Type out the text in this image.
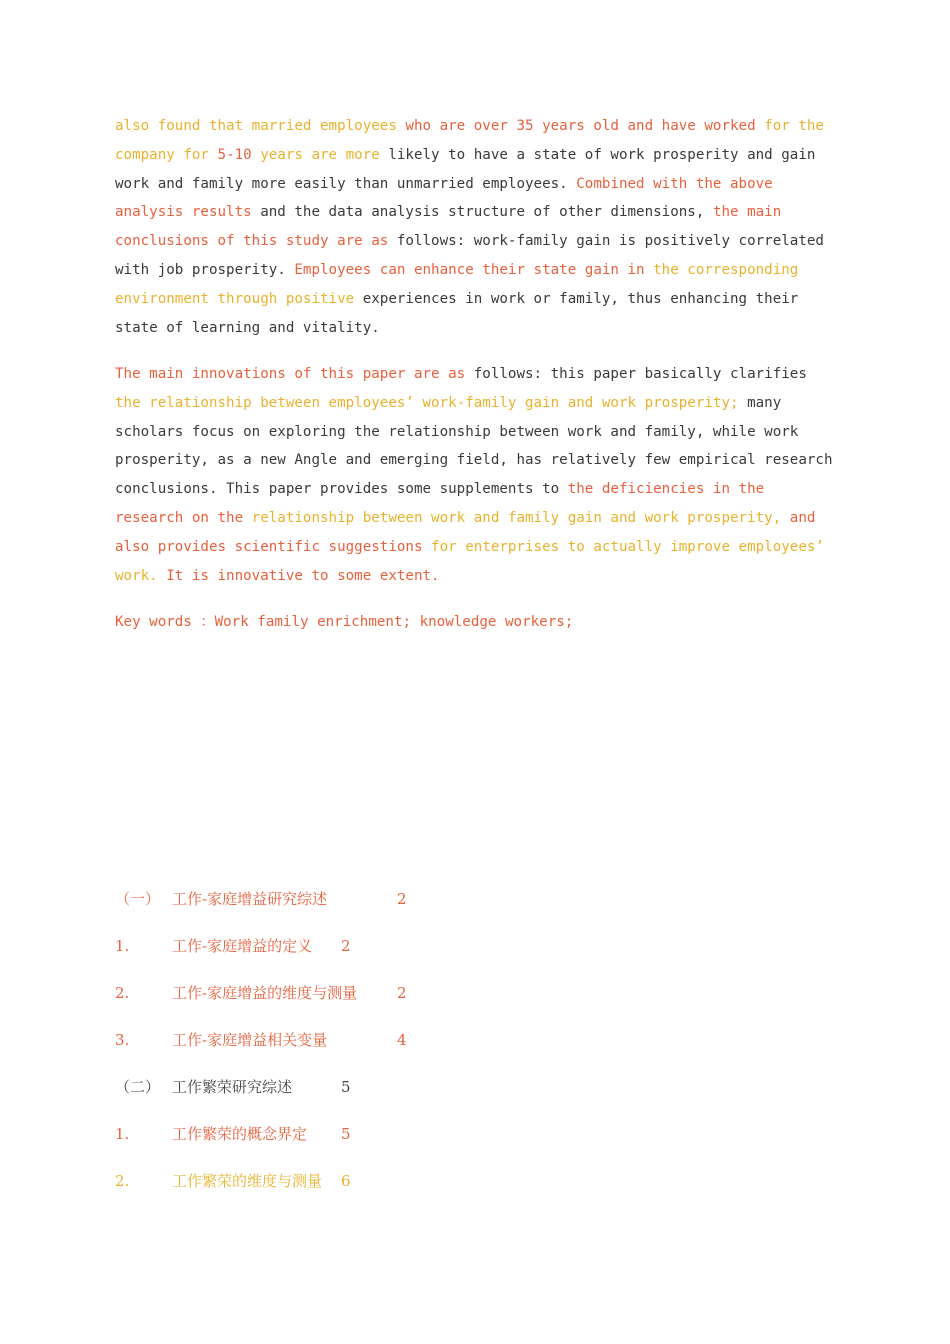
also found that married employees who are over 35 years old and have worked for the company for 5-10 years are more likely to have a state of work prosperity and gain work and family more easily than unmarried employees. Combined with the above analysis results and the data analysis structure of other dimensions, the main conclusions of this study are as follows: work-family gain is positively correlated with job prosperity. Employees can enhance their state gain in the corresponding environment through positive experiences in work or family, thus enhancing their state of learning and vitality.
The main innovations of this paper are as follows: this paper basically clarifies the relationship between employees’ work-family gain and work prosperity; many scholars focus on exploring the relationship between work and family, while work prosperity, as a new Angle and emerging field, has relatively few empirical research conclusions. This paper provides some supplements to the deficiencies in the research on the relationship between work and family gain and work prosperity, and also provides scientific suggestions for enterprises to actually improve employees’ work. It is innovative to some extent.
Key words ：Work family enrichment; knowledge workers;
（一） 工作-家庭增益研究综述	2
1.	工作-家庭增益的定义 2
2.	工作-家庭增益的维度与测量	2
3.	工作-家庭增益相关变量	4
（二） 工作繁荣研究综述	5
1.	工作繁荣的概念界定 5
2.	工作繁荣的维度与测量 6
